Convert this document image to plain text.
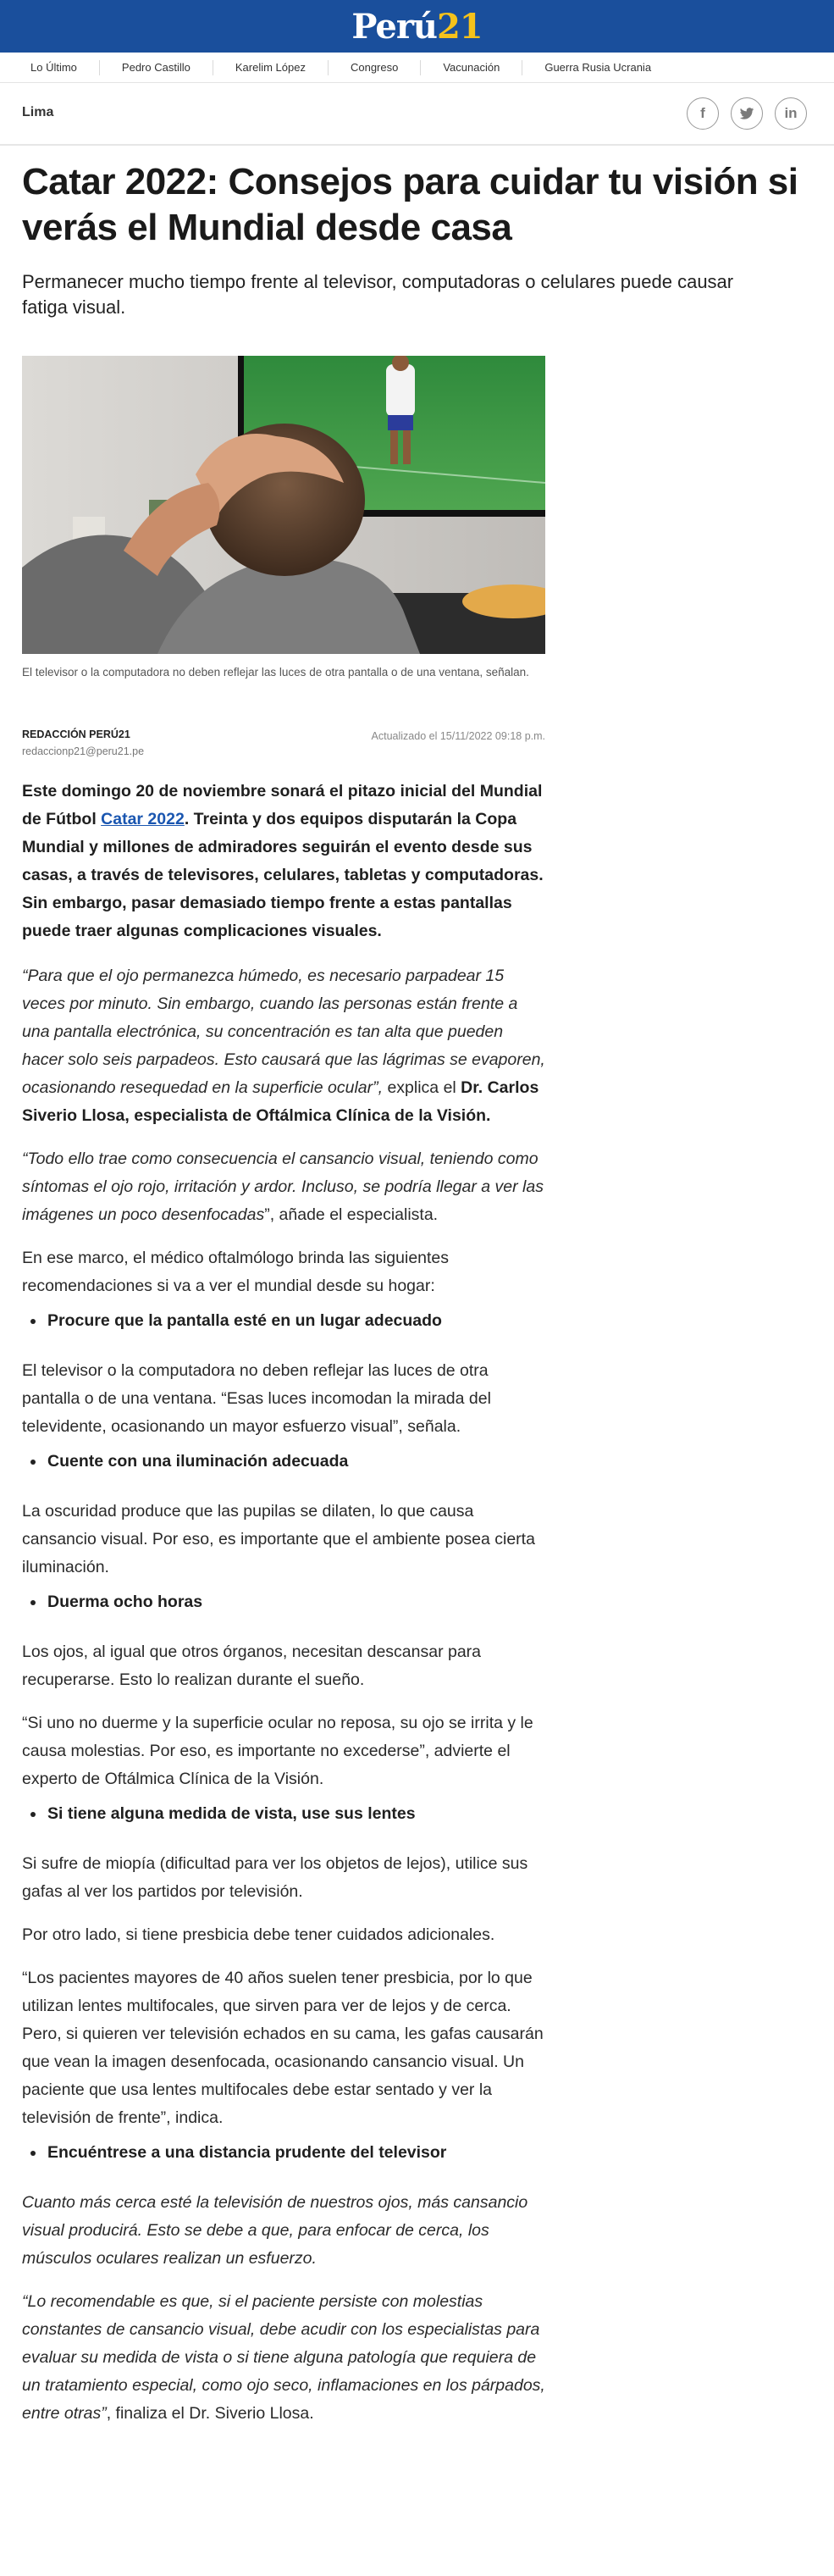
Perú21
Lo Último	Pedro Castillo	Karelim López	Congreso	Vacunación	Guerra Rusia Ucrania
Lima	f	in
Catar 2022: Consejos para cuidar tu visión si verás el Mundial desde casa

Permanecer mucho tiempo frente al televisor, computadoras o celulares puede causar fatiga visual.

El televisor o la computadora no deben reflejar las luces de otra pantalla o de una ventana, señalan.

REDACCIÓN PERÚ21
redaccionp21@peru21.pe
Actualizado el 15/11/2022 09:18 p.m.

Este domingo 20 de noviembre sonará el pitazo inicial del Mundial de Fútbol Catar 2022. Treinta y dos equipos disputarán la Copa Mundial y millones de admiradores seguirán el evento desde sus casas, a través de televisores, celulares, tabletas y computadoras. Sin embargo, pasar demasiado tiempo frente a estas pantallas puede traer algunas complicaciones visuales.

“Para que el ojo permanezca húmedo, es necesario parpadear 15 veces por minuto. Sin embargo, cuando las personas están frente a una pantalla electrónica, su concentración es tan alta que pueden hacer solo seis parpadeos. Esto causará que las lágrimas se evaporen, ocasionando resequedad en la superficie ocular”, explica el Dr. Carlos Siverio Llosa, especialista de Oftálmica Clínica de la Visión.

“Todo ello trae como consecuencia el cansancio visual, teniendo como síntomas el ojo rojo, irritación y ardor. Incluso, se podría llegar a ver las imágenes un poco desenfocadas”, añade el especialista.

En ese marco, el médico oftalmólogo brinda las siguientes recomendaciones si va a ver el mundial desde su hogar:

Procure que la pantalla esté en un lugar adecuado

El televisor o la computadora no deben reflejar las luces de otra pantalla o de una ventana. “Esas luces incomodan la mirada del televidente, ocasionando un mayor esfuerzo visual”, señala.

Cuente con una iluminación adecuada

La oscuridad produce que las pupilas se dilaten, lo que causa cansancio visual. Por eso, es importante que el ambiente posea cierta iluminación.

Duerma ocho horas

Los ojos, al igual que otros órganos, necesitan descansar para recuperarse. Esto lo realizan durante el sueño.

“Si uno no duerme y la superficie ocular no reposa, su ojo se irrita y le causa molestias. Por eso, es importante no excederse”, advierte el experto de Oftálmica Clínica de la Visión.

Si tiene alguna medida de vista, use sus lentes

Si sufre de miopía (dificultad para ver los objetos de lejos), utilice sus gafas al ver los partidos por televisión.

Por otro lado, si tiene presbicia debe tener cuidados adicionales.

“Los pacientes mayores de 40 años suelen tener presbicia, por lo que utilizan lentes multifocales, que sirven para ver de lejos y de cerca. Pero, si quieren ver televisión echados en su cama, les gafas causarán que vean la imagen desenfocada, ocasionando cansancio visual. Un paciente que usa lentes multifocales debe estar sentado y ver la televisión de frente”, indica.

Encuéntrese a una distancia prudente del televisor

Cuanto más cerca esté la televisión de nuestros ojos, más cansancio visual producirá. Esto se debe a que, para enfocar de cerca, los músculos oculares realizan un esfuerzo.

“Lo recomendable es que, si el paciente persiste con molestias constantes de cansancio visual, debe acudir con los especialistas para evaluar su medida de vista o si tiene alguna patología que requiera de un tratamiento especial, como ojo seco, inflamaciones en los párpados, entre otras”, finaliza el Dr. Siverio Llosa.
